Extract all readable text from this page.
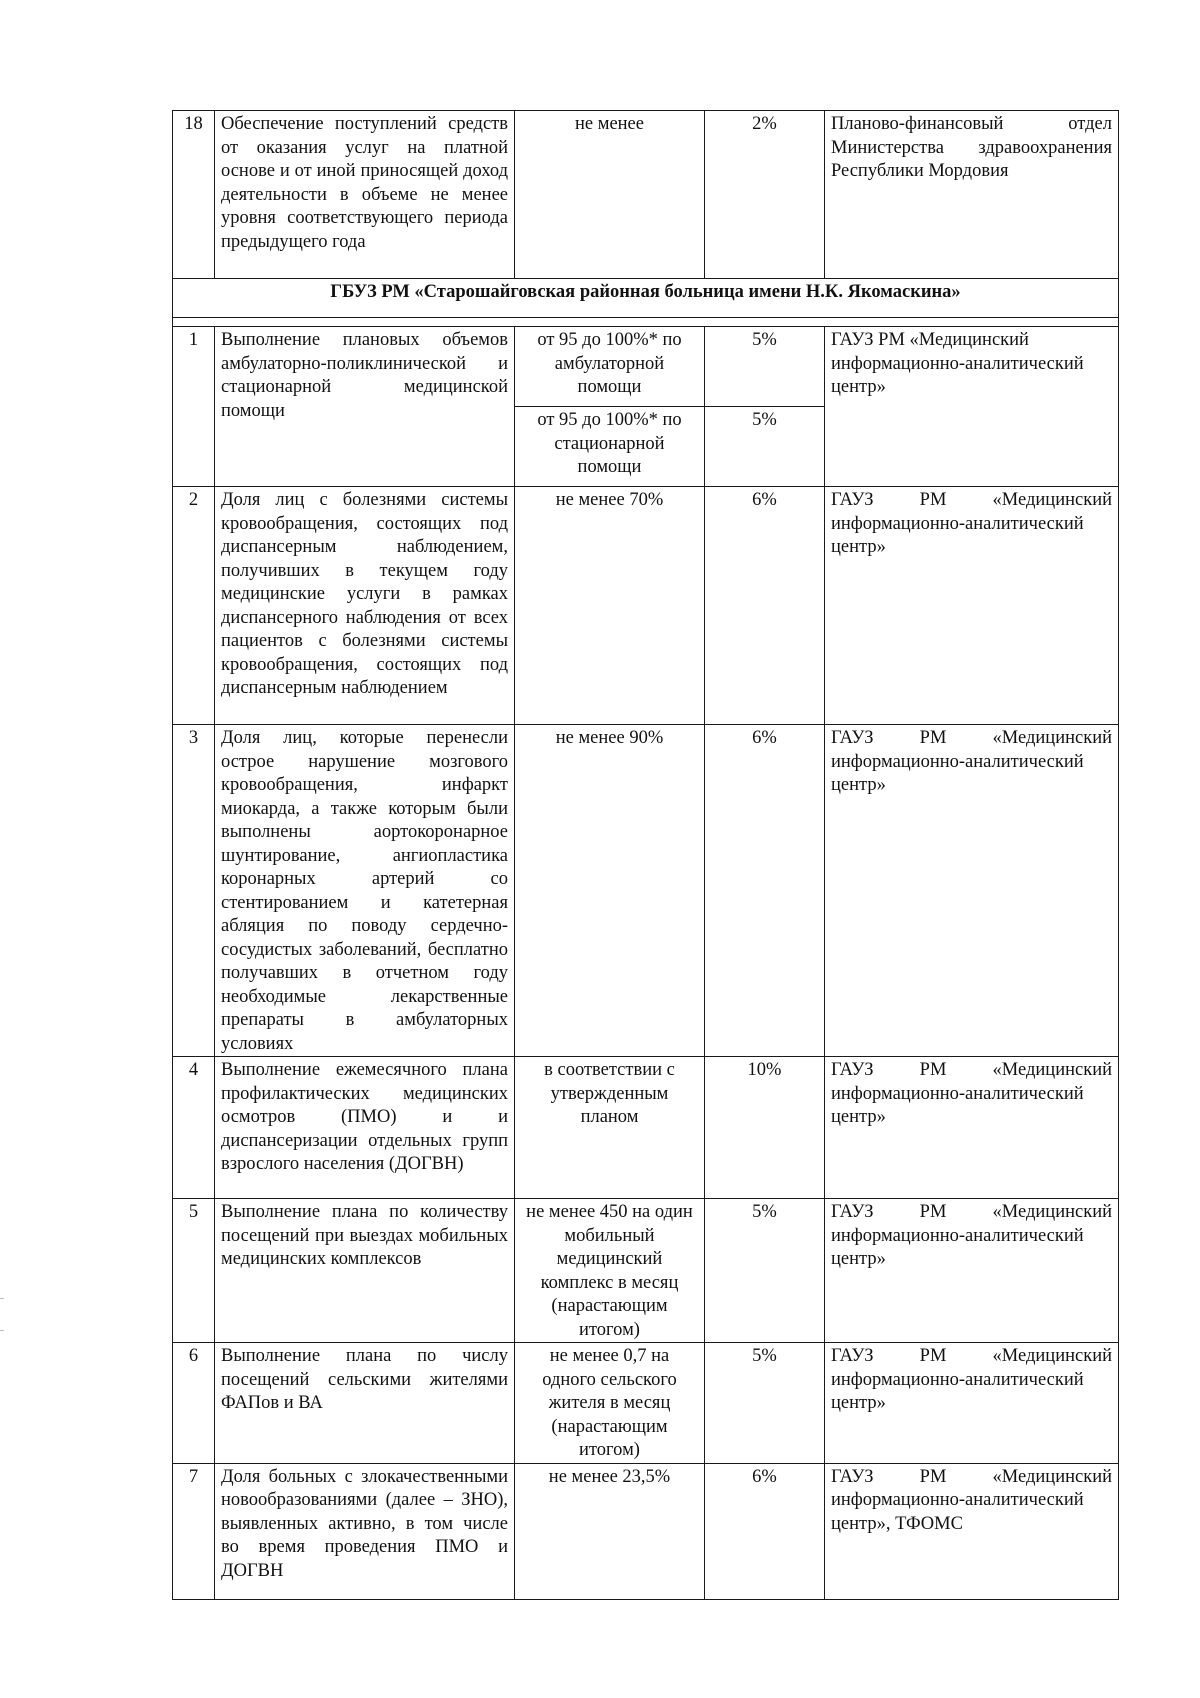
18	Обеспечение поступлений средств от оказания услуг на платной основе и от иной приносящей доход деятельности в объеме не менее уровня соответствующего периода предыдущего года	не менее	2%	Планово-финансовый отдел Министерства здравоохранения Республики Мордовия
ГБУЗ РМ «Старошайговская районная больница имени Н.К. Якомаскина»				

1	Выполнение плановых объемов амбулаторно-поликлинической и стационарной медицинской помощи	от 95 до 100%* по амбулаторной помощи	5%	ГАУЗ РМ «Медицинский информационно-аналитический центр»
		от 95 до 100%* по стационарной помощи	5%	
2	Доля лиц с болезнями системы кровообращения, состоящих под диспансерным наблюдением, получивших в текущем году медицинские услуги в рамках диспансерного наблюдения от всех пациентов с болезнями системы кровообращения, состоящих под диспансерным наблюдением	не менее 70%	6%	ГАУЗ РМ «Медицинский информационно-аналитический центр»
3	Доля лиц, которые перенесли острое нарушение мозгового кровообращения, инфаркт миокарда, а также которым были выполнены аортокоронарное шунтирование, ангиопластика коронарных артерий со стентированием и катетерная абляция по поводу сердечно-сосудистых заболеваний, бесплатно получавших в отчетном году необходимые лекарственные препараты в амбулаторных условиях	не менее 90%	6%	ГАУЗ РМ «Медицинский информационно-аналитический центр»
4	Выполнение ежемесячного плана профилактических медицинских осмотров (ПМО) и и диспансеризации отдельных групп взрослого населения (ДОГВН)	в соответствии с утвержденным планом	10%	ГАУЗ РМ «Медицинский информационно-аналитический центр»
5	Выполнение плана по количеству посещений при выездах мобильных медицинских комплексов	не менее 450 на один мобильный медицинский комплекс в месяц (нарастающим итогом)	5%	ГАУЗ РМ «Медицинский информационно-аналитический центр»
6	Выполнение плана по числу посещений сельскими жителями ФАПов и ВА	не менее 0,7 на одного сельского жителя в месяц (нарастающим итогом)	5%	ГАУЗ РМ «Медицинский информационно-аналитический центр»
7	Доля больных с злокачественными новообразованиями (далее – ЗНО), выявленных активно, в том числе во время проведения ПМО и ДОГВН	не менее 23,5%	6%	ГАУЗ РМ «Медицинский информационно-аналитический центр», ТФОМС
